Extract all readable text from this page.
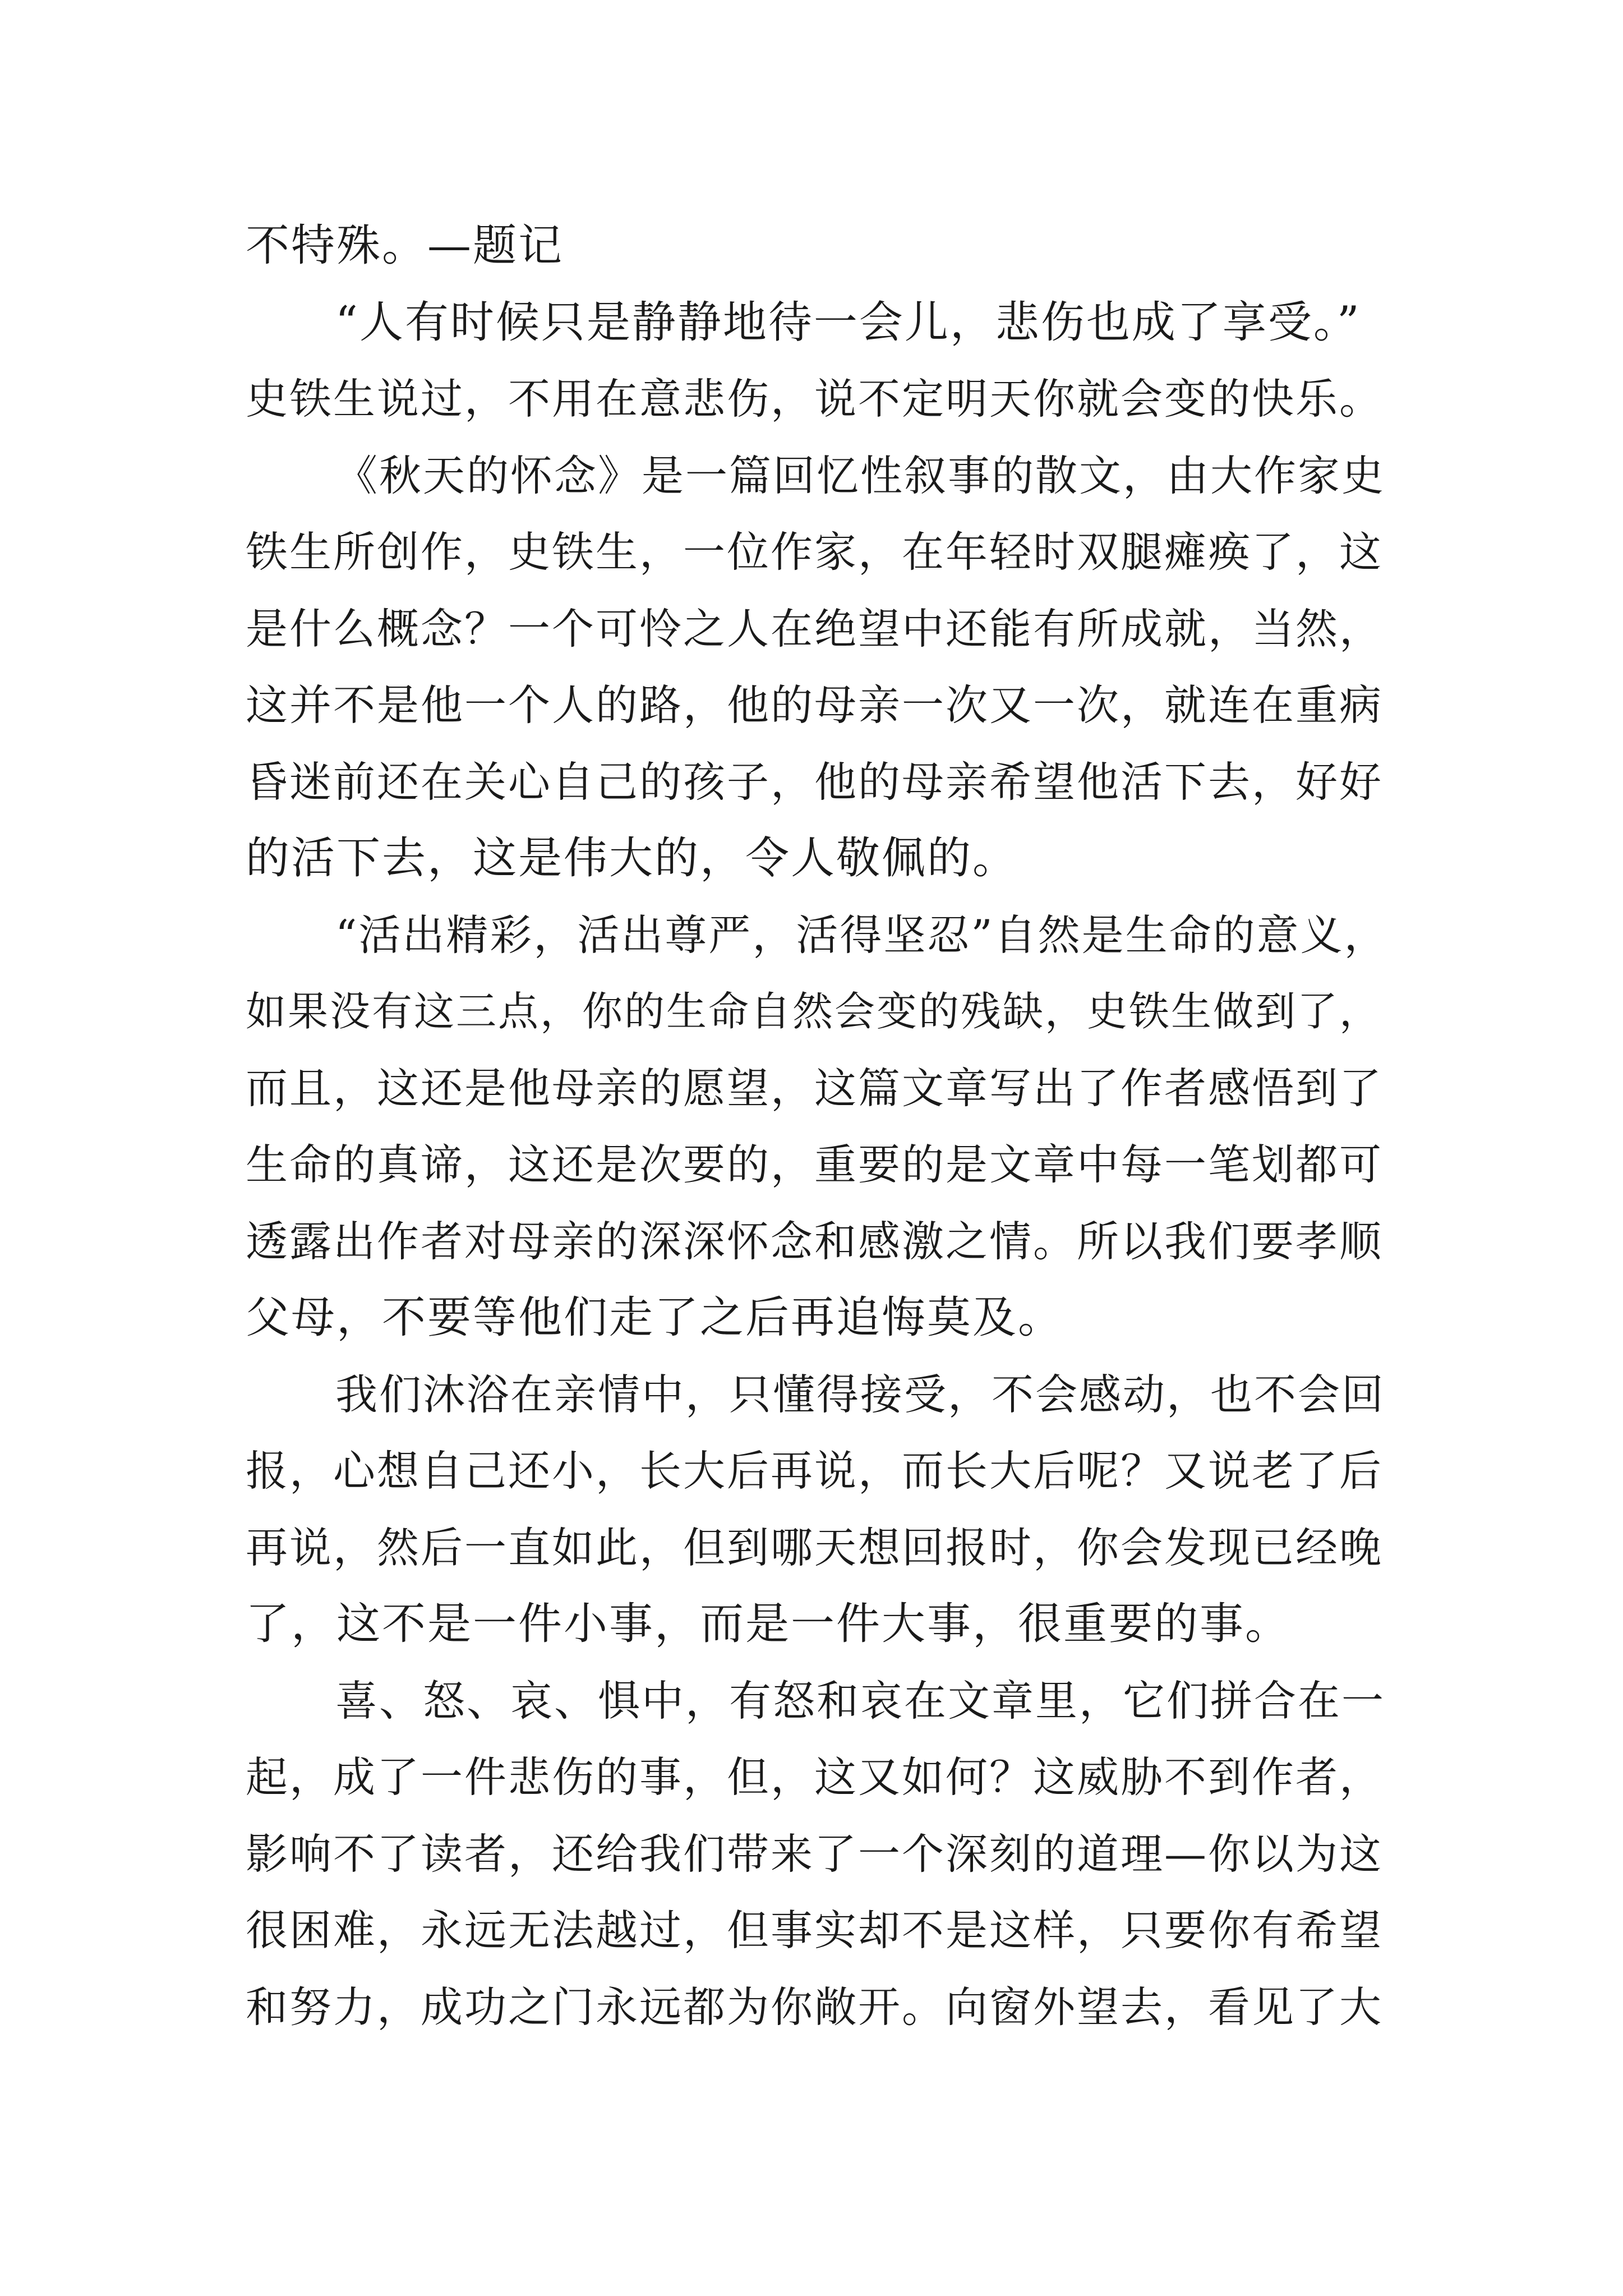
不特殊。—题记
“人有时候只是静静地待一会儿，悲伤也成了享受。”
史铁生说过，不用在意悲伤，说不定明天你就会变的快乐。
《秋天的怀念》是一篇回忆性叙事的散文，由大作家史
铁生所创作，史铁生，一位作家，在年轻时双腿瘫痪了，这
是什么概念？一个可怜之人在绝望中还能有所成就，当然，
这并不是他一个人的路，他的母亲一次又一次，就连在重病
昏迷前还在关心自己的孩子，他的母亲希望他活下去，好好
的活下去，这是伟大的，令人敬佩的。
“活出精彩，活出尊严，活得坚忍”自然是生命的意义，
如果没有这三点，你的生命自然会变的残缺，史铁生做到了，
而且，这还是他母亲的愿望，这篇文章写出了作者感悟到了
生命的真谛，这还是次要的，重要的是文章中每一笔划都可
透露出作者对母亲的深深怀念和感激之情。所以我们要孝顺
父母，不要等他们走了之后再追悔莫及。
我们沐浴在亲情中，只懂得接受，不会感动，也不会回
报，心想自己还小，长大后再说，而长大后呢？又说老了后
再说，然后一直如此，但到哪天想回报时，你会发现已经晚
了，这不是一件小事，而是一件大事，很重要的事。
喜、怒、哀、惧中，有怒和哀在文章里，它们拼合在一
起，成了一件悲伤的事，但，这又如何？这威胁不到作者，
影响不了读者，还给我们带来了一个深刻的道理—你以为这
很困难，永远无法越过，但事实却不是这样，只要你有希望
和努力，成功之门永远都为你敞开。向窗外望去，看见了大
